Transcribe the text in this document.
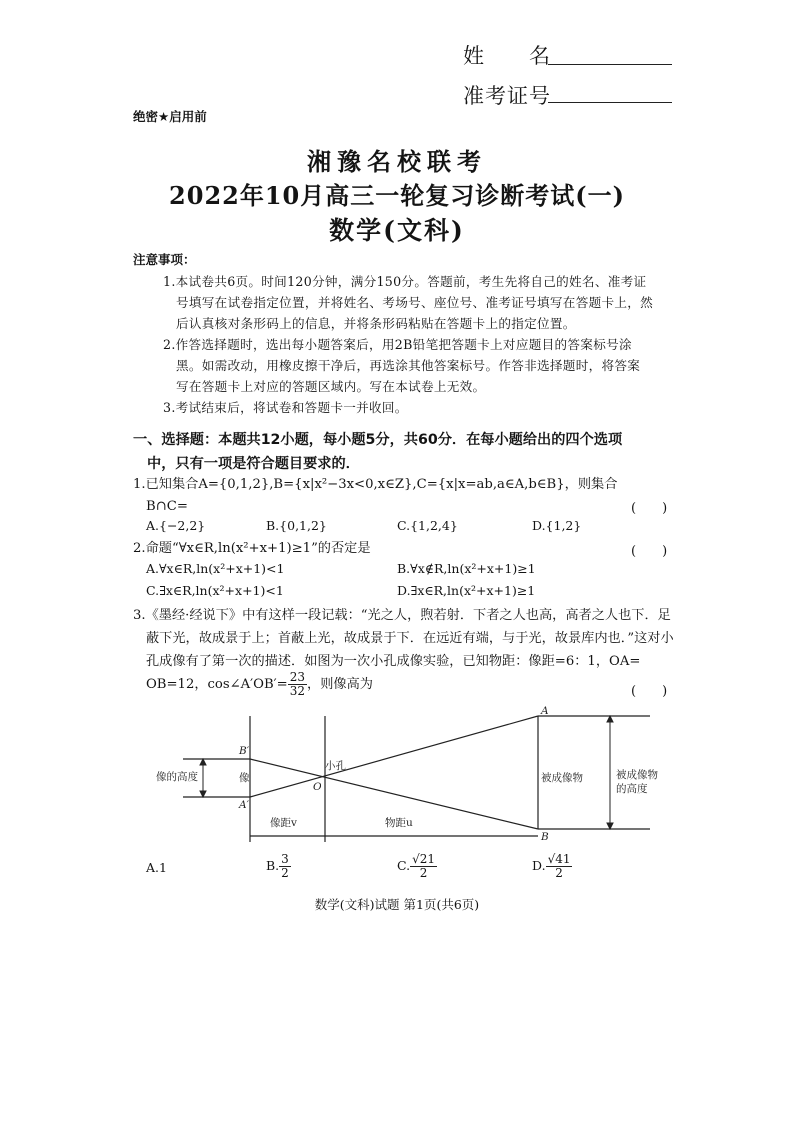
姓　　名
准考证号
绝密★启用前
湘豫名校联考
2022年10月高三一轮复习诊断考试(一)
数学(文科)
注意事项：
1.本试卷共6页。时间120分钟，满分150分。答题前，考生先将自己的姓名、准考证
号填写在试卷指定位置，并将姓名、考场号、座位号、准考证号填写在答题卡上，然
后认真核对条形码上的信息，并将条形码粘贴在答题卡上的指定位置。
2.作答选择题时，选出每小题答案后，用2B铅笔把答题卡上对应题目的答案标号涂
黑。如需改动，用橡皮擦干净后，再选涂其他答案标号。作答非选择题时，将答案
写在答题卡上对应的答题区域内。写在本试卷上无效。
3.考试结束后，将试卷和答题卡一并收回。
一、选择题：本题共12小题，每小题5分，共60分．在每小题给出的四个选项
中，只有一项是符合题目要求的．
1.已知集合A={0,1,2},B={x|x²−3x<0,x∈Z},C={x|x=ab,a∈A,b∈B}，则集合
B∩C=	(　　)
A.{−2,2}	B.{0,1,2}	C.{1,2,4}	D.{1,2}
2.命题“∀x∈R,ln(x²+x+1)≥1”的否定是	(　　)
A.∀x∈R,ln(x²+x+1)<1	B.∀x∉R,ln(x²+x+1)≥1
C.∃x∈R,ln(x²+x+1)<1	D.∃x∈R,ln(x²+x+1)≥1
3.《墨经·经说下》中有这样一段记载：“光之人，煦若射．下者之人也高，高者之人也下．足
蔽下光，故成景于上；首蔽上光，故成景于下．在远近有端，与于光，故景库内也．”这对小
孔成像有了第一次的描述．如图为一次小孔成像实验，已知物距：像距=6：1，OA=
OB=12，cos∠A′OB′= $\frac{23}{32}$ ，则像高为	(　　)
像的高度	像
B′
A′
小孔
O
像距v	物距u
A
B
被成像物	被成像物
的高度
A.1	B. $\frac{3}{2}$	C. $\frac{√21}{2}$	D. $\frac{√41}{2}$
数学(文科)试题 第1页(共6页)
